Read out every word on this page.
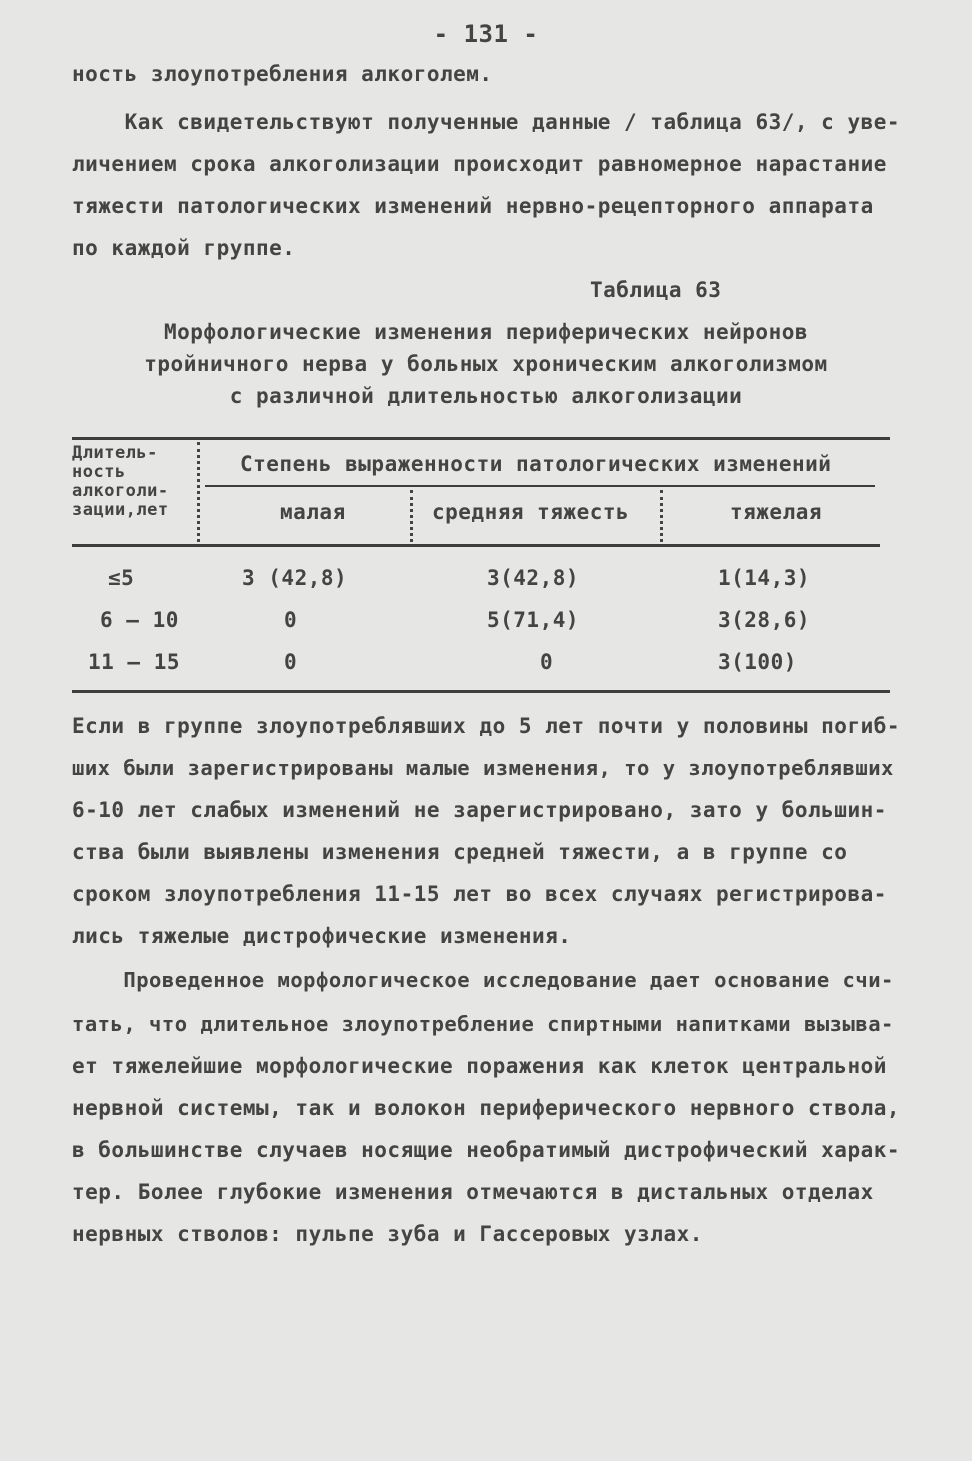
- 131 -
ность злоупотребления алкоголем.
Как свидетельствуют полученные данные / таблица 63/, с уве-
личением срока алкоголизации происходит равномерное нарастание
тяжести патологических изменений нервно-рецепторного аппарата
по каждой группе.
Таблица 63
Морфологические изменения периферических нейронов
тройничного нерва у больных хроническим алкоголизмом
с различной длительностью алкоголизации
Длитель-
ность
алкоголи-
зации,лет
Степень выраженности патологических изменений
малая	средняя тяжесть	тяжелая
≤5	3 (42,8)	3(42,8)	1(14,3)
6 – 10	0	5(71,4)	3(28,6)
11 – 15	0	0	3(100)
Если в группе злоупотреблявших до 5 лет почти у половины погиб-
ших были зарегистрированы малые изменения, то у злоупотреблявших
6-10 лет слабых изменений не зарегистрировано, зато у большин-
ства были выявлены изменения средней тяжести, а в группе со
сроком злоупотребления 11-15 лет во всех случаях регистрирова-
лись тяжелые дистрофические изменения.
Проведенное морфологическое исследование дает основание счи-
тать, что длительное злоупотребление спиртными напитками вызыва-
ет тяжелейшие морфологические поражения как клеток центральной
нервной системы, так и волокон периферического нервного ствола,
в большинстве случаев носящие необратимый дистрофический харак-
тер. Более глубокие изменения отмечаются в дистальных отделах
нервных стволов: пульпе зуба и Гассеровых узлах.
